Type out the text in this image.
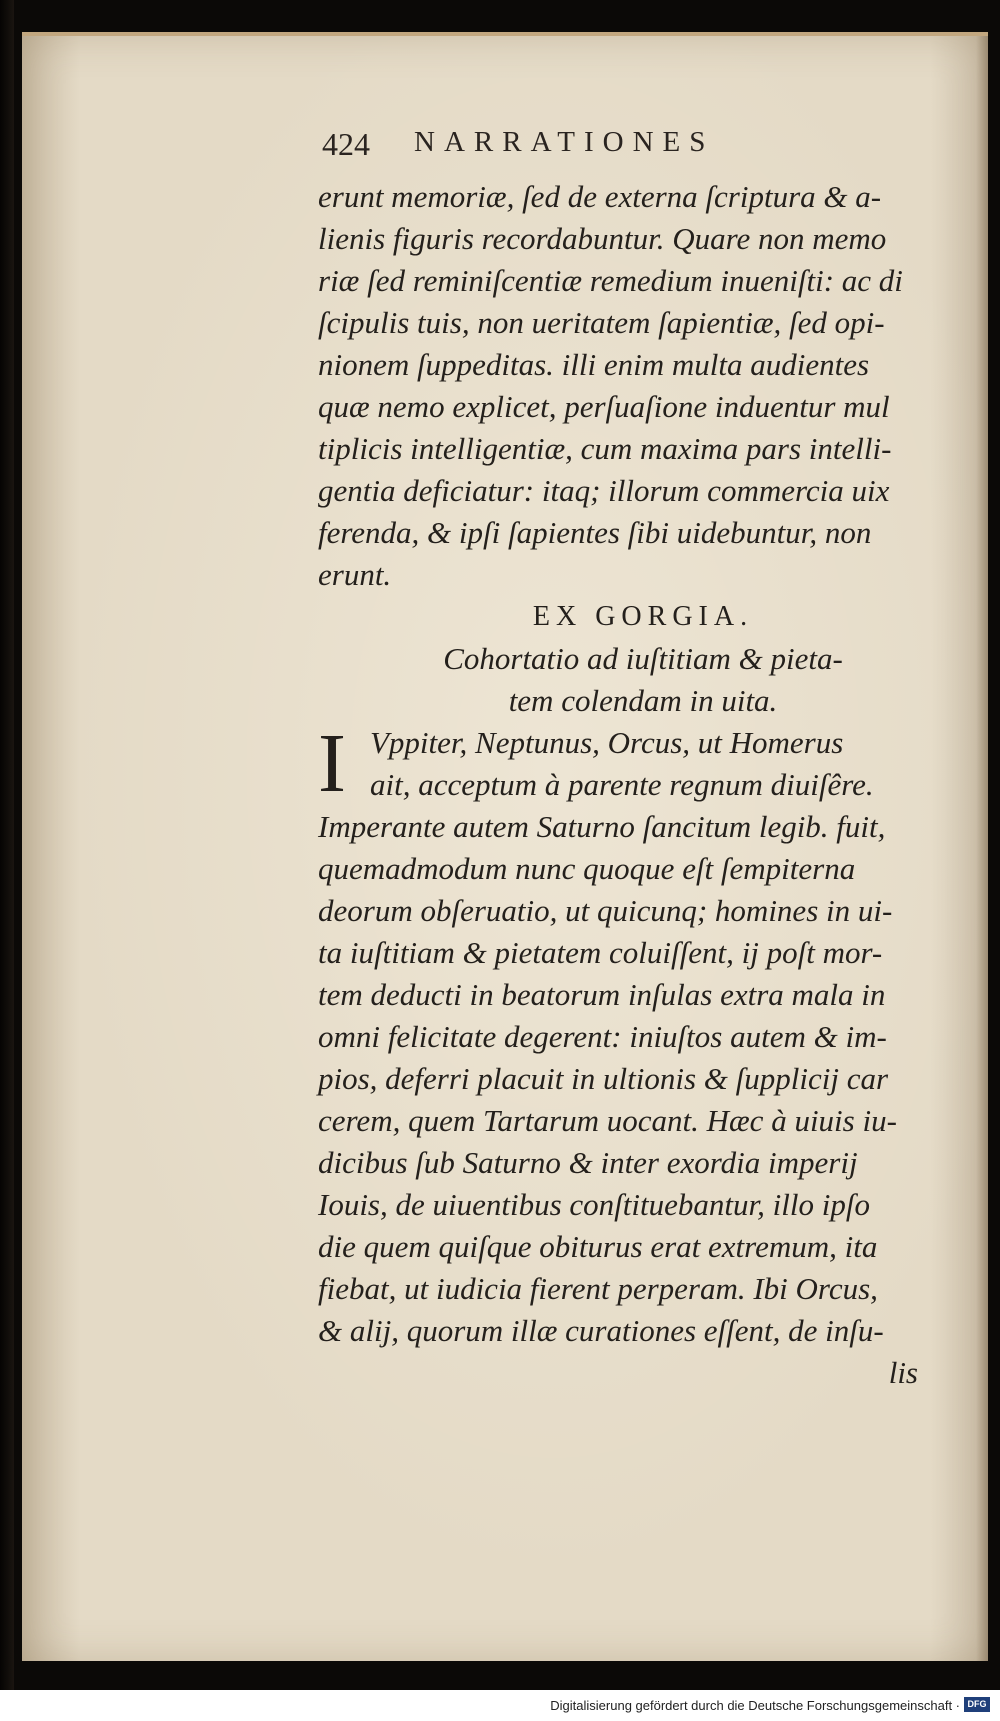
424 NARRATIONES
erunt memoriæ, ſed de externa ſcriptura & a-
lienis figuris recordabuntur. Quare non memo
riæ ſed reminiſcentiæ remedium inueniſti: ac di
ſcipulis tuis, non ueritatem ſapientiæ, ſed opi-
nionem ſuppeditas. illi enim multa audientes
quæ nemo explicet, perſuaſione induentur mul
tiplicis intelligentiæ, cum maxima pars intelli-
gentia deficiatur: itaq; illorum commercia uix
ferenda, & ipſi ſapientes ſibi uidebuntur, non
erunt.
EX GORGIA.
Cohortatio ad iuſtitiam & pieta-
tem colendam in uita.
I Vppiter, Neptunus, Orcus, ut Homerus
ait, acceptum à parente regnum diuiſêre.
Imperante autem Saturno ſancitum legib. fuit,
quemadmodum nunc quoque eſt ſempiterna
deorum obſeruatio, ut quicunq; homines in ui-
ta iuſtitiam & pietatem coluiſſent, ij poſt mor-
tem deducti in beatorum inſulas extra mala in
omni felicitate degerent: iniuſtos autem & im-
pios, deferri placuit in ultionis & ſupplicij car
cerem, quem Tartarum uocant. Hæc à uiuis iu-
dicibus ſub Saturno & inter exordia imperij
Iouis, de uiuentibus conſtituebantur, illo ipſo
die quem quiſque obiturus erat extremum, ita
fiebat, ut iudicia fierent perperam. Ibi Orcus,
& alij, quorum illæ curationes eſſent, de inſu-
lis
Digitalisierung gefördert durch die Deutsche Forschungsgemeinschaft · DFG
